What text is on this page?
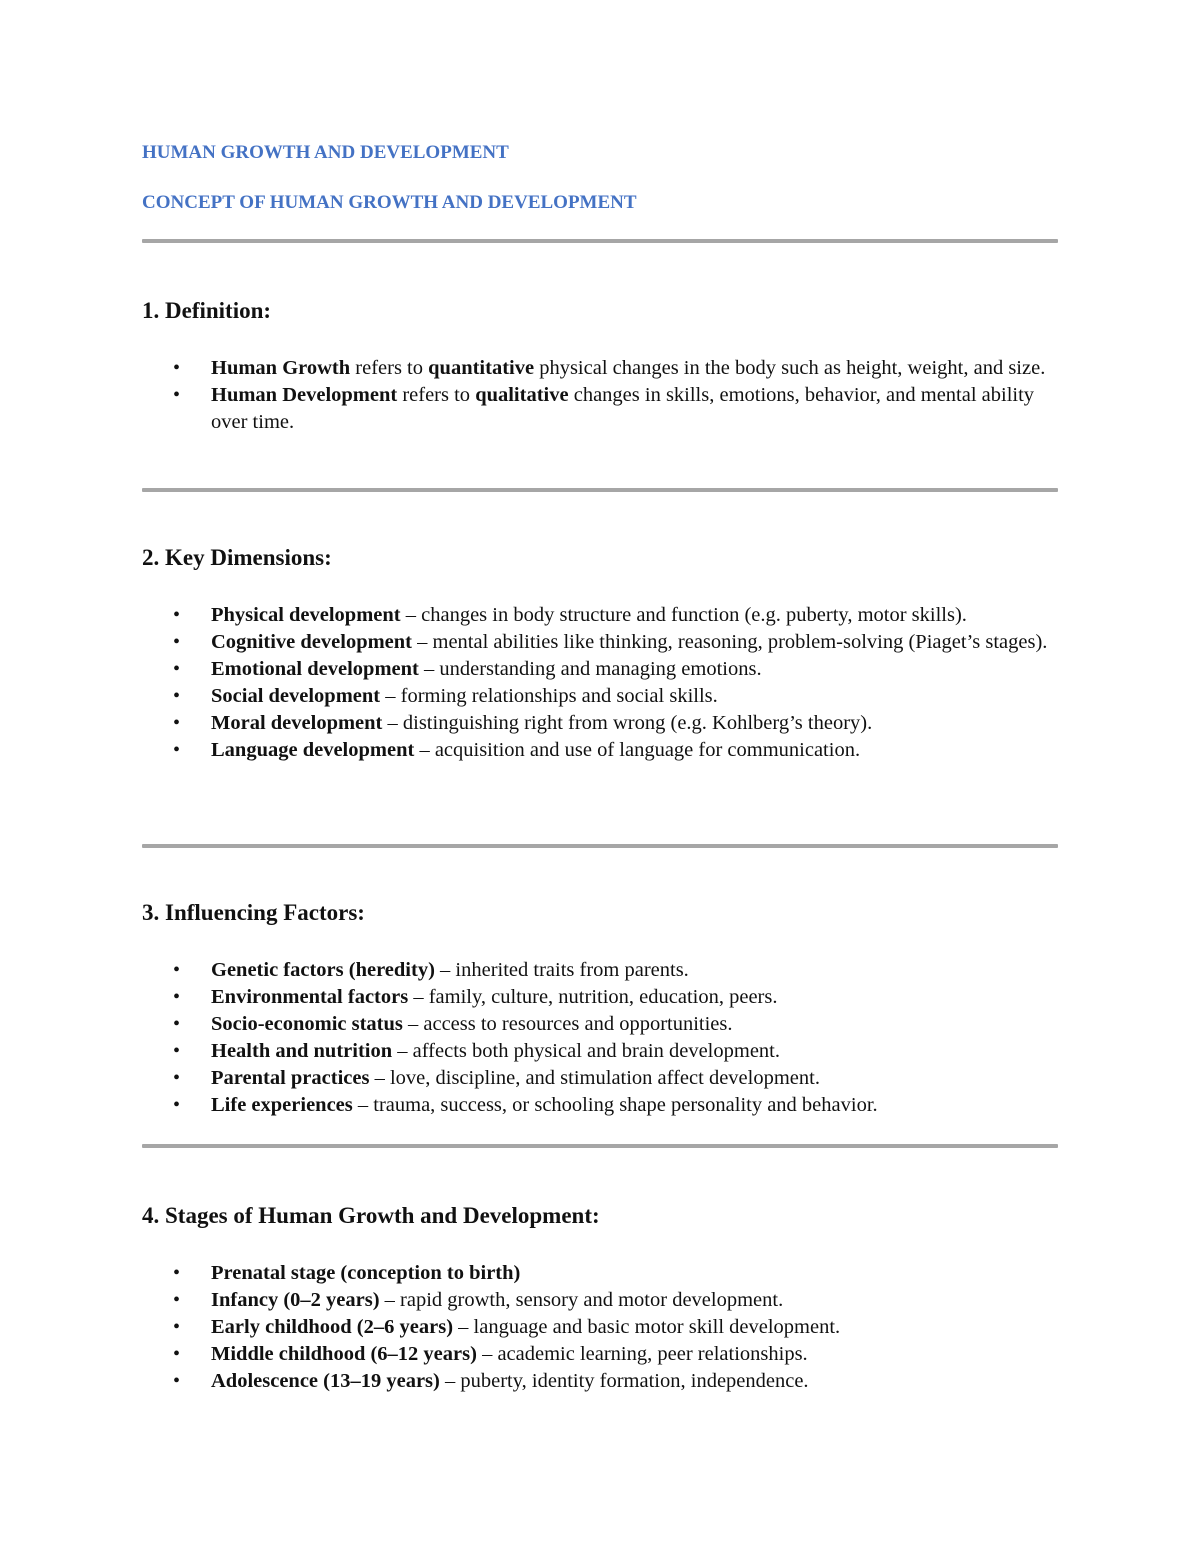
HUMAN GROWTH AND DEVELOPMENT

CONCEPT OF HUMAN GROWTH AND DEVELOPMENT

1. Definition:
• Human Growth refers to quantitative physical changes in the body such as height, weight, and size.
• Human Development refers to qualitative changes in skills, emotions, behavior, and mental ability over time.
2. Key Dimensions:
• Physical development – changes in body structure and function (e.g. puberty, motor skills).
• Cognitive development – mental abilities like thinking, reasoning, problem-solving (Piaget’s stages).
• Emotional development – understanding and managing emotions.
• Social development – forming relationships and social skills.
• Moral development – distinguishing right from wrong (e.g. Kohlberg’s theory).
• Language development – acquisition and use of language for communication.
3. Influencing Factors:
• Genetic factors (heredity) – inherited traits from parents.
• Environmental factors – family, culture, nutrition, education, peers.
• Socio-economic status – access to resources and opportunities.
• Health and nutrition – affects both physical and brain development.
• Parental practices – love, discipline, and stimulation affect development.
• Life experiences – trauma, success, or schooling shape personality and behavior.
4. Stages of Human Growth and Development:
• Prenatal stage (conception to birth)
• Infancy (0–2 years) – rapid growth, sensory and motor development.
• Early childhood (2–6 years) – language and basic motor skill development.
• Middle childhood (6–12 years) – academic learning, peer relationships.
• Adolescence (13–19 years) – puberty, identity formation, independence.
